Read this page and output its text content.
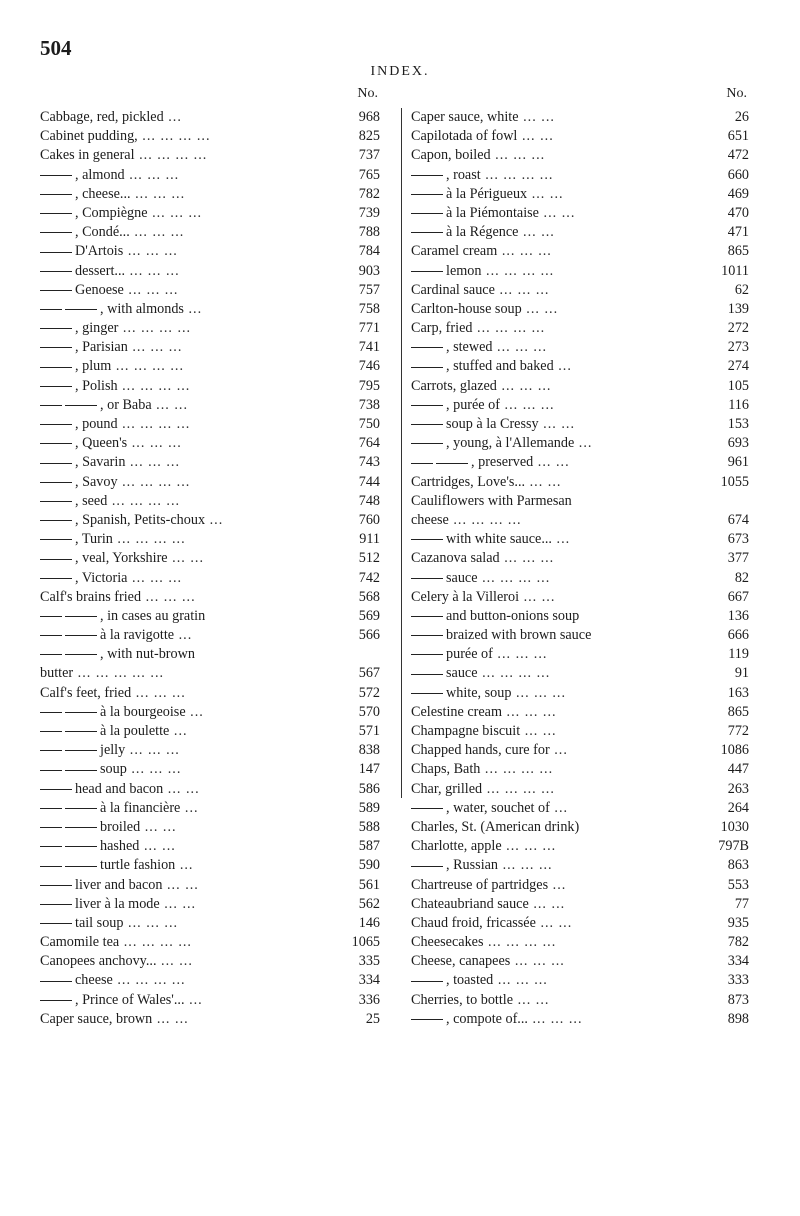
504
INDEX.
No.
Cabbage, red, pickled ...	968
Cabinet pudding, ... ... ... ...	825
Cakes in general ... ... ... ...	737
, almond ... ... ...	765
, cheese... ... ... ...	782
, Compiègne ... ... ...	739
, Condé... ... ... ...	788
D'Artois ... ... ...	784
dessert... ... ... ...	903
Genoese ... ... ...	757
, with almonds ...	758
, ginger ... ... ... ...	771
, Parisian ... ... ...	741
, plum ... ... ... ...	746
, Polish ... ... ... ...	795
, or Baba ... ...	738
, pound ... ... ... ...	750
, Queen's ... ... ...	764
, Savarin ... ... ...	743
, Savoy ... ... ... ...	744
, seed ... ... ... ...	748
, Spanish, Petits-choux ...	760
, Turin ... ... ... ...	911
, veal, Yorkshire ... ...	512
, Victoria ... ... ...	742
Calf's brains fried ... ... ...	568
, in cases au gratin	569
à la ravigotte ...	566
, with nut-brown
butter ... ... ... ... ...	567
Calf's feet, fried ... ... ...	572
à la bourgeoise ...	570
à la poulette ...	571
jelly ... ... ...	838
soup ... ... ...	147
head and bacon ... ...	586
à la financière ...	589
broiled ... ...	588
hashed ... ...	587
turtle fashion ...	590
liver and bacon ... ...	561
liver à la mode ... ...	562
tail soup ... ... ...	146
Camomile tea ... ... ... ...	1065
Canopees anchovy... ... ...	335
cheese ... ... ... ...	334
, Prince of Wales'... ...	336
Caper sauce, brown ... ...	25
No.
Caper sauce, white ... ...	26
Capilotada of fowl ... ...	651
Capon, boiled ... ... ...	472
, roast ... ... ... ...	660
à la Périgueux ... ...	469
à la Piémontaise ... ...	470
à la Régence ... ...	471
Caramel cream ... ... ...	865
lemon ... ... ... ...	1011
Cardinal sauce ... ... ...	62
Carlton-house soup ... ...	139
Carp, fried ... ... ... ...	272
, stewed ... ... ...	273
, stuffed and baked ...	274
Carrots, glazed ... ... ...	105
, purée of ... ... ...	116
soup à la Cressy ... ...	153
, young, à l'Allemande ...	693
, preserved ... ...	961
Cartridges, Love's... ... ...	1055
Cauliflowers with Parmesan
cheese ... ... ... ...	674
with white sauce... ...	673
Cazanova salad ... ... ...	377
sauce ... ... ... ...	82
Celery à la Villeroi ... ...	667
and button-onions soup	136
braized with brown sauce	666
purée of ... ... ...	119
sauce ... ... ... ...	91
white, soup ... ... ...	163
Celestine cream ... ... ...	865
Champagne biscuit ... ...	772
Chapped hands, cure for ...	1086
Chaps, Bath ... ... ... ...	447
Char, grilled ... ... ... ...	263
, water, souchet of ...	264
Charles, St. (American drink)	1030
Charlotte, apple ... ... ...	797B
, Russian ... ... ...	863
Chartreuse of partridges ...	553
Chateaubriand sauce ... ...	77
Chaud froid, fricassée ... ...	935
Cheesecakes ... ... ... ...	782
Cheese, canapees ... ... ...	334
, toasted ... ... ...	333
Cherries, to bottle ... ...	873
, compote of... ... ... ...	898
